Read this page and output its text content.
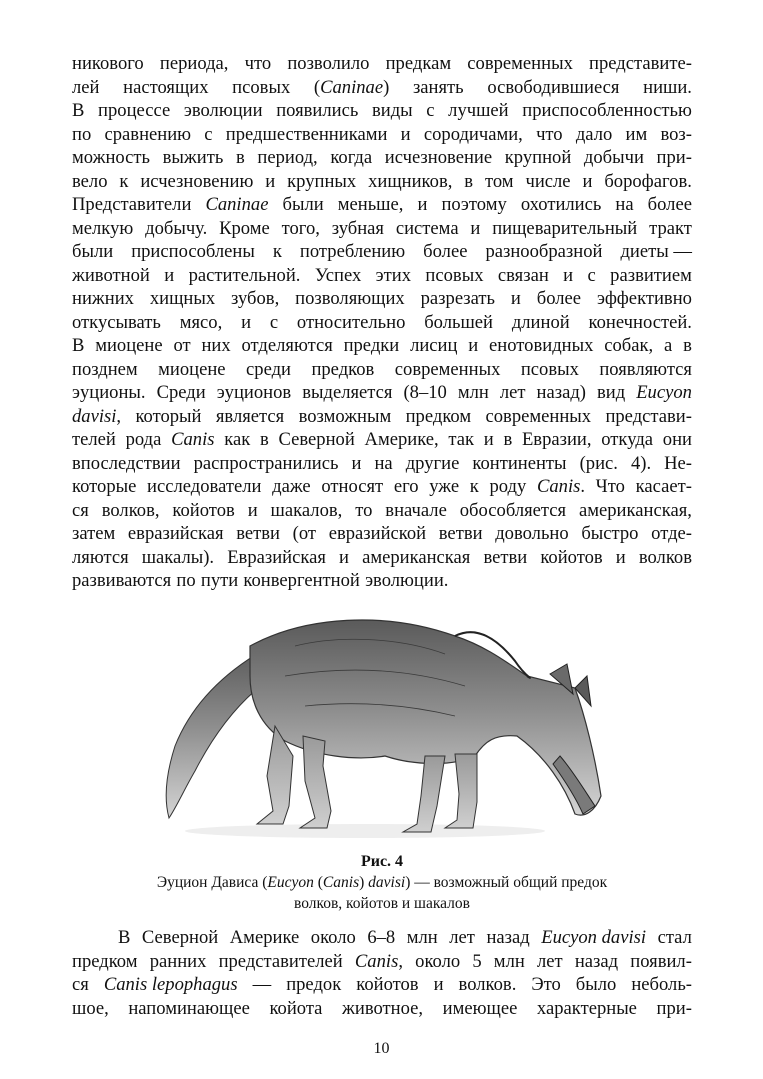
никового периода, что позволило предкам современных представите-
лей настоящих псовых (Caninae) занять освободившиеся ниши.
В процессе эволюции появились виды с лучшей приспособленностью
по сравнению с предшественниками и сородичами, что дало им воз-
можность выжить в период, когда исчезновение крупной добычи при-
вело к исчезновению и крупных хищников, в том числе и борофагов.
Представители Caninae были меньше, и поэтому охотились на более
мелкую добычу. Кроме того, зубная система и пищеварительный тракт
были приспособлены к потреблению более разнообразной диеты —
животной и растительной. Успех этих псовых связан и с развитием
нижних хищных зубов, позволяющих разрезать и более эффективно
откусывать мясо, и с относительно большей длиной конечностей.
В миоцене от них отделяются предки лисиц и енотовидных собак, а в
позднем миоцене среди предков современных псовых появляются
эуционы. Среди эуционов выделяется (8–10 млн лет назад) вид Eucyon
davisi, который является возможным предком современных представи-
телей рода Canis как в Северной Америке, так и в Евразии, откуда они
впоследствии распространились и на другие континенты (рис. 4). Не-
которые исследователи даже относят его уже к роду Canis. Что касает-
ся волков, койотов и шакалов, то вначале обособляется американская,
затем евразийская ветви (от евразийской ветви довольно быстро отде-
ляются шакалы). Евразийская и американская ветви койотов и волков
развиваются по пути конвергентной эволюции.
Рис. 4
Эуцион Дависа (Eucyon (Canis) davisi) — возможный общий предок
волков, койотов и шакалов
В Северной Америке около 6–8 млн лет назад Eucyon davisi стал
предком ранних представителей Canis, около 5 млн лет назад появил-
ся Canis lepophagus — предок койотов и волков. Это было неболь-
шое, напоминающее койота животное, имеющее характерные при-
10
